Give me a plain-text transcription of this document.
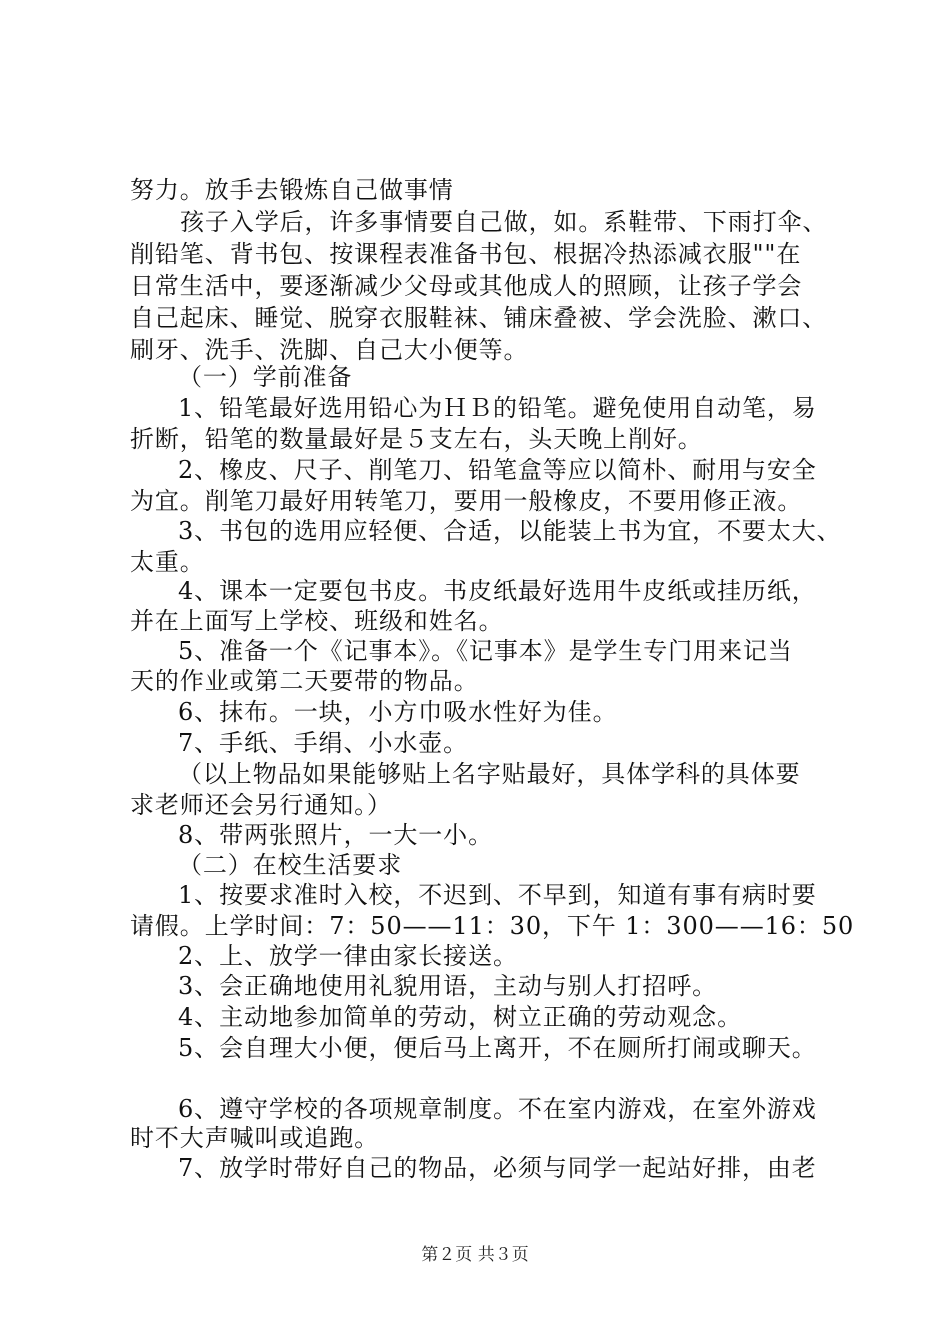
努力。放手去锻炼自己做事情
孩子入学后，许多事情要自己做，如。系鞋带、下雨打伞、
削铅笔、背书包、按课程表准备书包、根据冷热添减衣服""在
日常生活中，要逐渐减少父母或其他成人的照顾，让孩子学会
自己起床、睡觉、脱穿衣服鞋袜、铺床叠被、学会洗脸、漱口、
刷牙、洗手、洗脚、自己大小便等。
（一）学前准备
1、铅笔最好选用铅心为ＨＢ的铅笔。避免使用自动笔，易
折断，铅笔的数量最好是５支左右，头天晚上削好。
2、橡皮、尺子、削笔刀、铅笔盒等应以简朴、耐用与安全
为宜。削笔刀最好用转笔刀，要用一般橡皮，不要用修正液。
3、书包的选用应轻便、合适，以能装上书为宜，不要太大、
太重。
4、课本一定要包书皮。书皮纸最好选用牛皮纸或挂历纸，
并在上面写上学校、班级和姓名。
5、准备一个《记事本》。《记事本》是学生专门用来记当
天的作业或第二天要带的物品。
6、抹布。一块，小方巾吸水性好为佳。
7、手纸、手绢、小水壶。
（以上物品如果能够贴上名字贴最好，具体学科的具体要
求老师还会另行通知。）
8、带两张照片，一大一小。
（二）在校生活要求
1、按要求准时入校，不迟到、不早到，知道有事有病时要
请假。上学时间：7：50——11：30，下午 1：300——16：50
2、上、放学一律由家长接送。
3、会正确地使用礼貌用语，主动与别人打招呼。
4、主动地参加简单的劳动，树立正确的劳动观念。
5、会自理大小便，便后马上离开，不在厕所打闹或聊天。
6、遵守学校的各项规章制度。不在室内游戏，在室外游戏
时不大声喊叫或追跑。
7、放学时带好自己的物品，必须与同学一起站好排，由老
第２页 共３页
